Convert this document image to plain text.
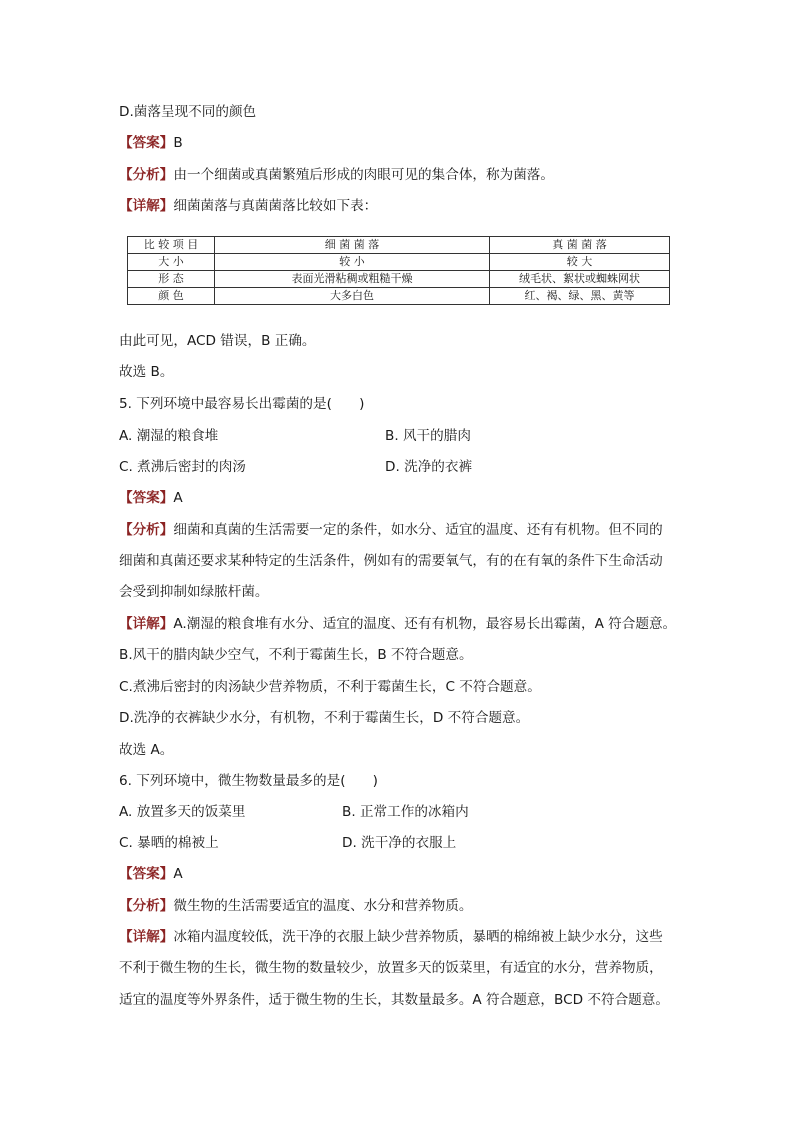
D.菌落呈现不同的颜色
【答案】B
【分析】由一个细菌或真菌繁殖后形成的肉眼可见的集合体，称为菌落。
【详解】细菌菌落与真菌菌落比较如下表：
比 较 项 目	细 菌 菌 落	真 菌 菌 落
大 小	较 小	较 大
形 态	表面光滑粘稠或粗糙干燥	绒毛状、絮状或蜘蛛网状
颜 色	大多白色	红、褐、绿、黑、黄等
由此可见，ACD 错误，B 正确。
故选 B。
5. 下列环境中最容易长出霉菌的是(　　)
A. 潮湿的粮食堆	B. 风干的腊肉
C. 煮沸后密封的肉汤	D. 洗净的衣裤
【答案】A
【分析】细菌和真菌的生活需要一定的条件，如水分、适宜的温度、还有有机物。但不同的
细菌和真菌还要求某种特定的生活条件，例如有的需要氧气，有的在有氧的条件下生命活动
会受到抑制如绿脓杆菌。
【详解】A.潮湿的粮食堆有水分、适宜的温度、还有有机物，最容易长出霉菌，A 符合题意。
B.风干的腊肉缺少空气，不利于霉菌生长，B 不符合题意。
C.煮沸后密封的肉汤缺少营养物质，不利于霉菌生长，C 不符合题意。
D.洗净的衣裤缺少水分，有机物，不利于霉菌生长，D 不符合题意。
故选 A。
6. 下列环境中，微生物数量最多的是(　　)
A. 放置多天的饭菜里	B. 正常工作的冰箱内
C. 暴晒的棉被上	D. 洗干净的衣服上
【答案】A
【分析】微生物的生活需要适宜的温度、水分和营养物质。
【详解】冰箱内温度较低，洗干净的衣服上缺少营养物质，暴晒的棉绵被上缺少水分，这些
不利于微生物的生长，微生物的数量较少，放置多天的饭菜里，有适宜的水分，营养物质，
适宜的温度等外界条件，适于微生物的生长，其数量最多。A 符合题意，BCD 不符合题意。
